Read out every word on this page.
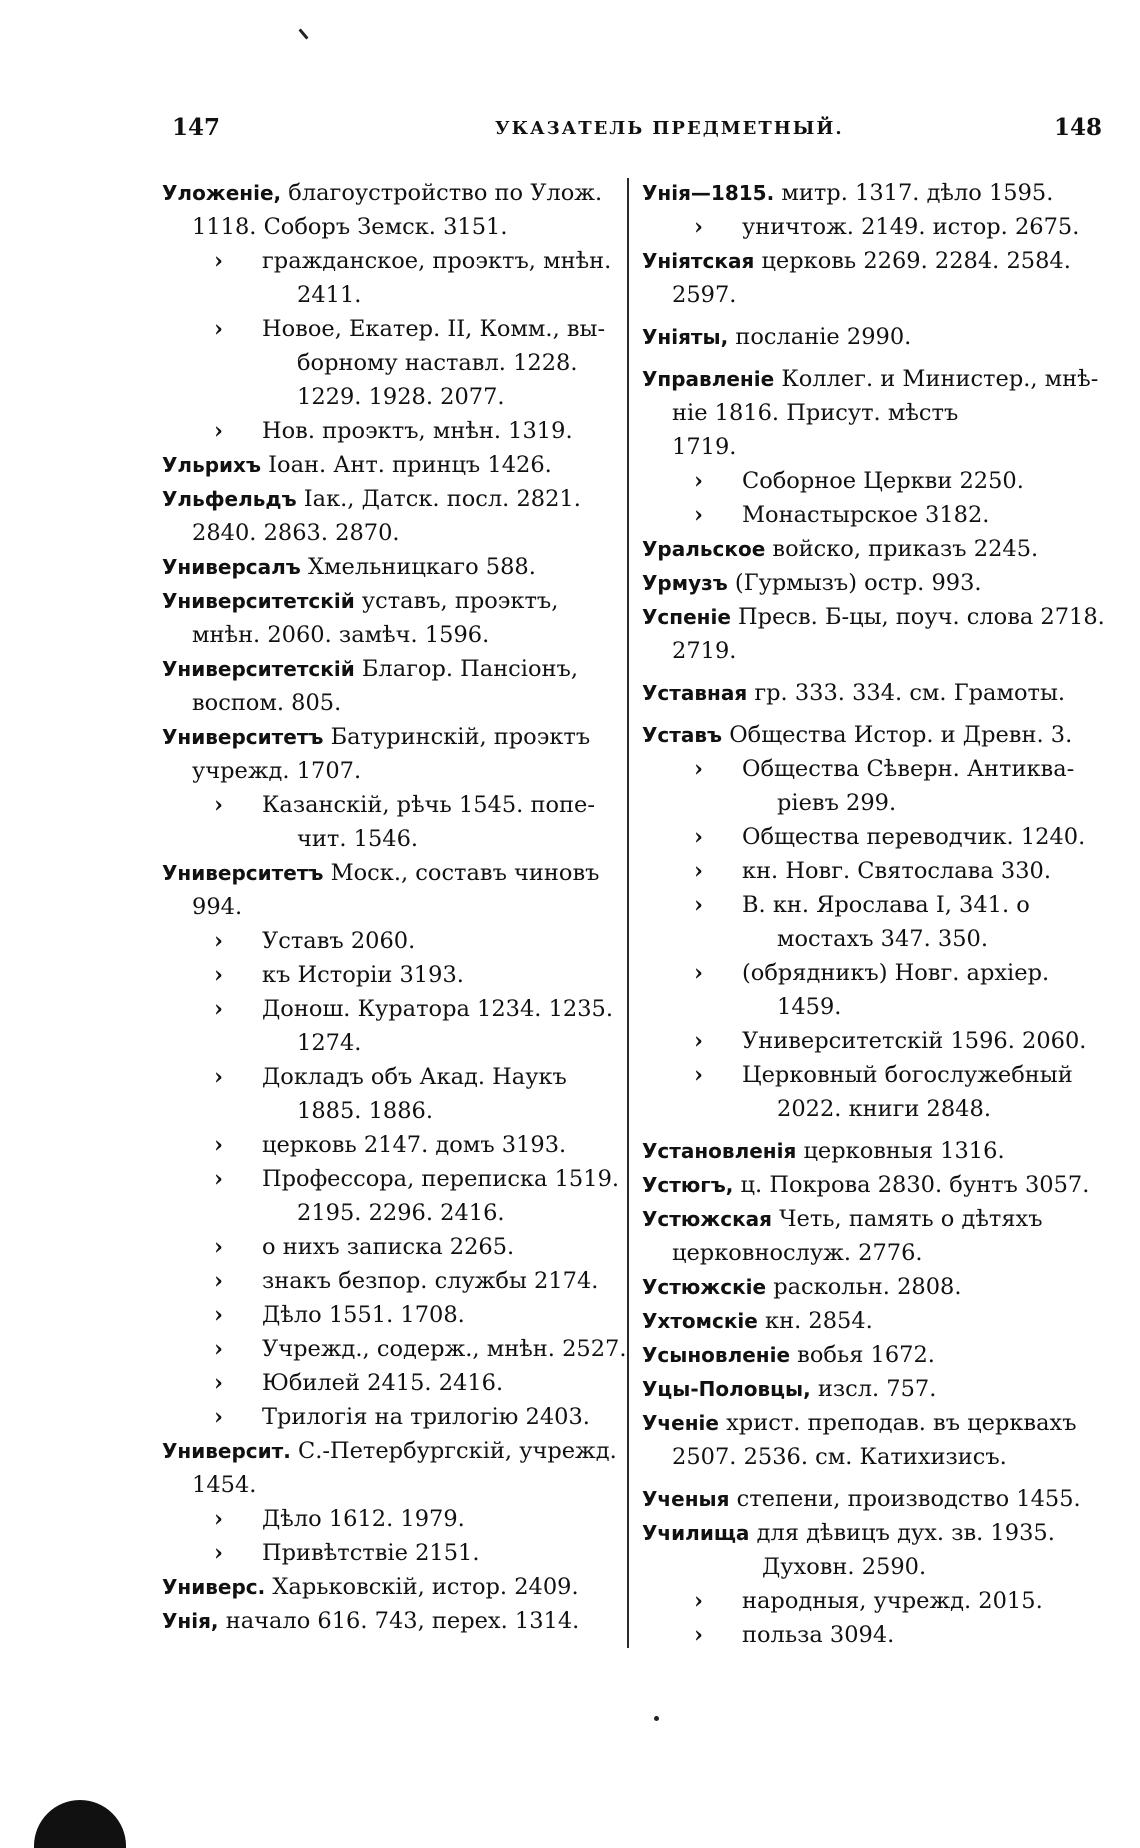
147	УКАЗАТЕЛЬ ПРЕДМЕТНЫЙ.	148
Уложеніе, благоустройство по Улож.
1118. Соборъ Земск. 3151.
› гражданское, проэктъ, мнѣн.
2411.
› Новое, Екатер. II, Комм., вы-
борному наставл. 1228.
1229. 1928. 2077.
› Нов. проэктъ, мнѣн. 1319.
Ульрихъ Іоан. Ант. принцъ 1426.
Ульфельдъ Іак., Датск. посл. 2821.
2840. 2863. 2870.
Универсалъ Хмельницкаго 588.
Университетскій уставъ, проэктъ,
мнѣн. 2060. замѣч. 1596.
Университетскій Благор. Пансіонъ,
воспом. 805.
Университетъ Батуринскій, проэктъ
учрежд. 1707.
› Казанскій, рѣчь 1545. попе-
чит. 1546.
Университетъ Моск., составъ чиновъ
994.
› Уставъ 2060.
› къ Исторіи 3193.
› Донош. Куратора 1234. 1235.
1274.
› Докладъ объ Акад. Наукъ
1885. 1886.
› церковь 2147. домъ 3193.
› Профессора, переписка 1519.
2195. 2296. 2416.
› о нихъ записка 2265.
› знакъ безпор. службы 2174.
› Дѣло 1551. 1708.
› Учрежд., содерж., мнѣн. 2527.
› Юбилей 2415. 2416.
› Трилогія на трилогію 2403.
Университ. С.-Петербургскій, учрежд.
1454.
› Дѣло 1612. 1979.
› Привѣтствіе 2151.
Универс. Харьковскій, истор. 2409.
Унія, начало 616. 743, перех. 1314.
Унія—1815. митр. 1317. дѣло 1595.
› уничтож. 2149. истор. 2675.
Уніятская церковь 2269. 2284. 2584.
2597.
Уніяты, посланіе 2990.
Управленіе Коллег. и Министер., мнѣ-
ніе 1816. Присут. мѣстъ
1719.
› Соборное Церкви 2250.
› Монастырское 3182.
Уральское войско, приказъ 2245.
Урмузъ (Гурмызъ) остр. 993.
Успеніе Пресв. Б-цы, поуч. слова 2718.
2719.
Уставная гр. 333. 334. см. Грамоты.
Уставъ Общества Истор. и Древн. 3.
› Общества Сѣверн. Антиква-
ріевъ 299.
› Общества переводчик. 1240.
› кн. Новг. Святослава 330.
› В. кн. Ярослава I, 341. о
мостахъ 347. 350.
› (обрядникъ) Новг. архіер.
1459.
› Университетскій 1596. 2060.
› Церковный богослужебный
2022. книги 2848.
Установленія церковныя 1316.
Устюгъ, ц. Покрова 2830. бунтъ 3057.
Устюжская Четь, память о дѣтяхъ
церковнослуж. 2776.
Устюжскіе раскольн. 2808.
Ухтомскіе кн. 2854.
Усыновленіе вобья 1672.
Уцы-Половцы, изсл. 757.
Ученіе христ. преподав. въ церквахъ
2507. 2536. см. Катихизисъ.
Ученыя степени, производство 1455.
Училища для дѣвицъ дух. зв. 1935.
Духовн. 2590.
› народныя, учрежд. 2015.
› польза 3094.
